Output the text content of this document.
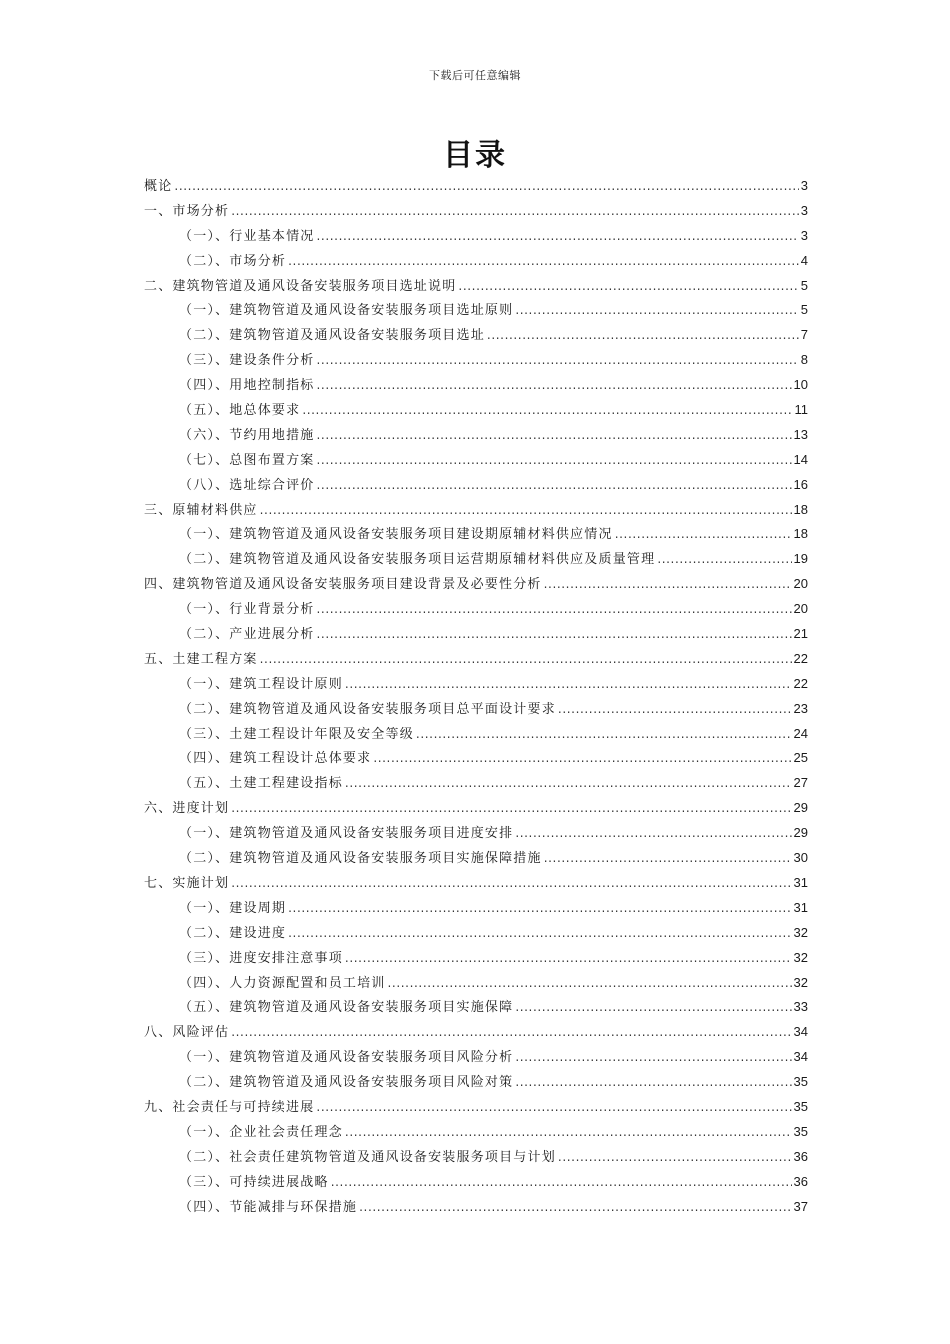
下载后可任意编辑
目录
概论 .....	3
一、市场分析 .....	3
（一）、行业基本情况 .....	3
（二）、市场分析 .....	4
二、建筑物管道及通风设备安装服务项目选址说明 .....	5
（一）、建筑物管道及通风设备安装服务项目选址原则 .....	5
（二）、建筑物管道及通风设备安装服务项目选址 .....	7
（三）、建设条件分析 .....	8
（四）、用地控制指标 .....	10
（五）、地总体要求 .....	11
（六）、节约用地措施 .....	13
（七）、总图布置方案 .....	14
（八）、选址综合评价 .....	16
三、原辅材料供应 .....	18
（一）、建筑物管道及通风设备安装服务项目建设期原辅材料供应情况 .....	18
（二）、建筑物管道及通风设备安装服务项目运营期原辅材料供应及质量管理 .....	19
四、建筑物管道及通风设备安装服务项目建设背景及必要性分析 .....	20
（一）、行业背景分析 .....	20
（二）、产业进展分析 .....	21
五、土建工程方案 .....	22
（一）、建筑工程设计原则 .....	22
（二）、建筑物管道及通风设备安装服务项目总平面设计要求 .....	23
（三）、土建工程设计年限及安全等级 .....	24
（四）、建筑工程设计总体要求 .....	25
（五）、土建工程建设指标 .....	27
六、进度计划 .....	29
（一）、建筑物管道及通风设备安装服务项目进度安排 .....	29
（二）、建筑物管道及通风设备安装服务项目实施保障措施 .....	30
七、实施计划 .....	31
（一）、建设周期 .....	31
（二）、建设进度 .....	32
（三）、进度安排注意事项 .....	32
（四）、人力资源配置和员工培训 .....	32
（五）、建筑物管道及通风设备安装服务项目实施保障 .....	33
八、风险评估 .....	34
（一）、建筑物管道及通风设备安装服务项目风险分析 .....	34
（二）、建筑物管道及通风设备安装服务项目风险对策 .....	35
九、社会责任与可持续进展 .....	35
（一）、企业社会责任理念 .....	35
（二）、社会责任建筑物管道及通风设备安装服务项目与计划 .....	36
（三）、可持续进展战略 .....	36
（四）、节能减排与环保措施 .....	37
